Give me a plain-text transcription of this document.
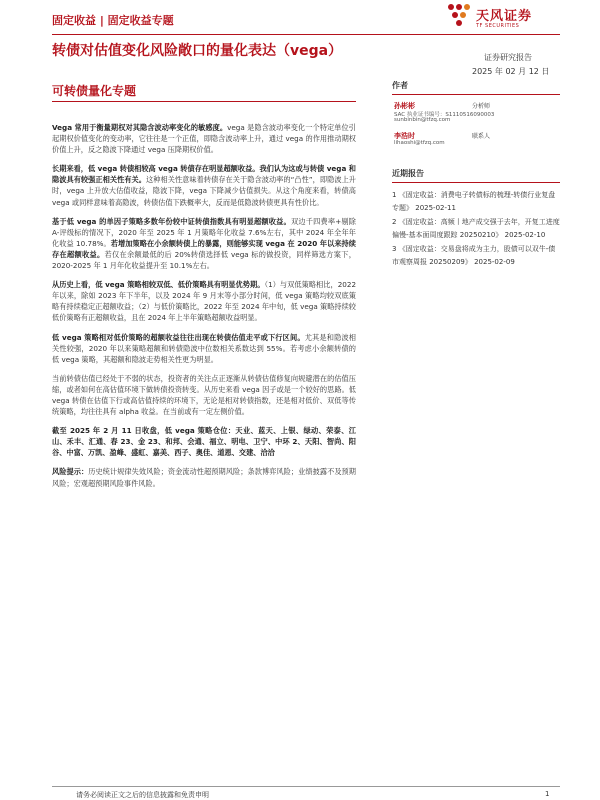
固定收益 | 固定收益专题	天风证券
TF SECURITIES
转债对估值变化风险敞口的量化表达（vega）	证券研究报告
2025 年 02 月 12 日
可转债量化专题	作者
孙彬彬	分析师
SAC 执业证书编号：S1110516090003
sunbinbin@tfzq.com
李浩时	联系人
lihaoshi@tfzq.com
近期报告
1 《固定收益：消费电子转债标的梳理-转债行业复盘专题》 2025-02-11
2 《固定收益：高频丨地产成交强于去年，开复工进度偏慢-基本面周度跟踪 20250210》 2025-02-10
3 《固定收益：交易盘将成为主力，股债可以双牛-债市观察周报 20250209》 2025-02-09

Vega 常用于衡量期权对其隐含波动率变化的敏感度。vega 是隐含波动率变化一个特定单位引起期权价值变化的变动率，它往往是一个正值，即隐含波动率上升，通过 vega 的作用推动期权价值上升，反之隐波下降通过 vega 压降期权价值。

长期来看，低 vega 转债相较高 vega 转债存在明显超额收益。我们认为这或与转债 vega 和隐波具有较强正相关性有关。这种相关性意味着转债存在关于隐含波动率的“凸性”，即隐波上升时，vega 上升放大估值收益，隐波下降，vega 下降减少估值损失。从这个角度来看，转债高 vega 或同样意味着高隐波，转债估值下跌概率大，反而是低隐波转债更具有性价比。

基于低 vega 的单因子策略多数年份较中证转债指数具有明显超额收益。双边千四费率+剔除 A-评级标的情况下，2020 年至 2025 年 1 月策略年化收益 7.6%左右，其中 2024 年全年年化收益 10.78%。若增加策略在小余额转债上的暴露，则能够实现 vega 在 2020 年以来持续存在超额收益。若仅在余额最低的后 20%转债选择低 vega 标的做投资，同样筛选方案下，2020-2025 年 1 月年化收益提升至 10.1%左右。

从历史上看，低 vega 策略相较双低、低价策略具有明显优势期。（1）与双低策略相比，2022 年以来，除如 2023 年下半年，以及 2024 年 9 月末等小部分时间，低 vega 策略均较双底策略有持续稳定正超额收益；（2）与低价策略比，2022 年至 2024 年中旬，低 vega 策略持续较低价策略有正超额收益，且在 2024 年上半年策略超额收益明显。

低 vega 策略相对低价策略的超额收益往往出现在转债估值走平或下行区间。尤其是和隐波相关性较强，2020 年以来策略超额和转债隐波中位数相关系数达到 55%。若考虑小余额转债的低 vega 策略，其超额和隐波走势相关性更为明显。

当前转债估值已经处于不弱的状态，投资者的关注点正逐渐从转债估值修复向规避潜在的估值压缩，或者如何在高估值环境下做转债投资转变。从历史来看 vega 因子或是一个较好的思路。低 vega 转债在估值下行或高估值持续的环境下，无论是相对转债指数，还是相对低价、双低等传统策略，均往往具有 alpha 收益。在当前或有一定左侧价值。

截至 2025 年 2 月 11 日收盘，低 vega 策略仓位：天业、蓝天、上银、绿动、荣泰、江山、禾丰、汇通、春 23、金 23、和邦、会通、福立、明电、卫宁、中环 2、天阳、智尚、阳谷、中富、万凯、盈峰、盛虹、嘉美、西子、奥佳、道恩、交建、洽洽

风险提示：历史统计规律失效风险；资金流动性超预期风险；条款博弈风险；业绩披露不及预期风险；宏观超预期风险事件风险。

请务必阅读正文之后的信息披露和免责申明	1
